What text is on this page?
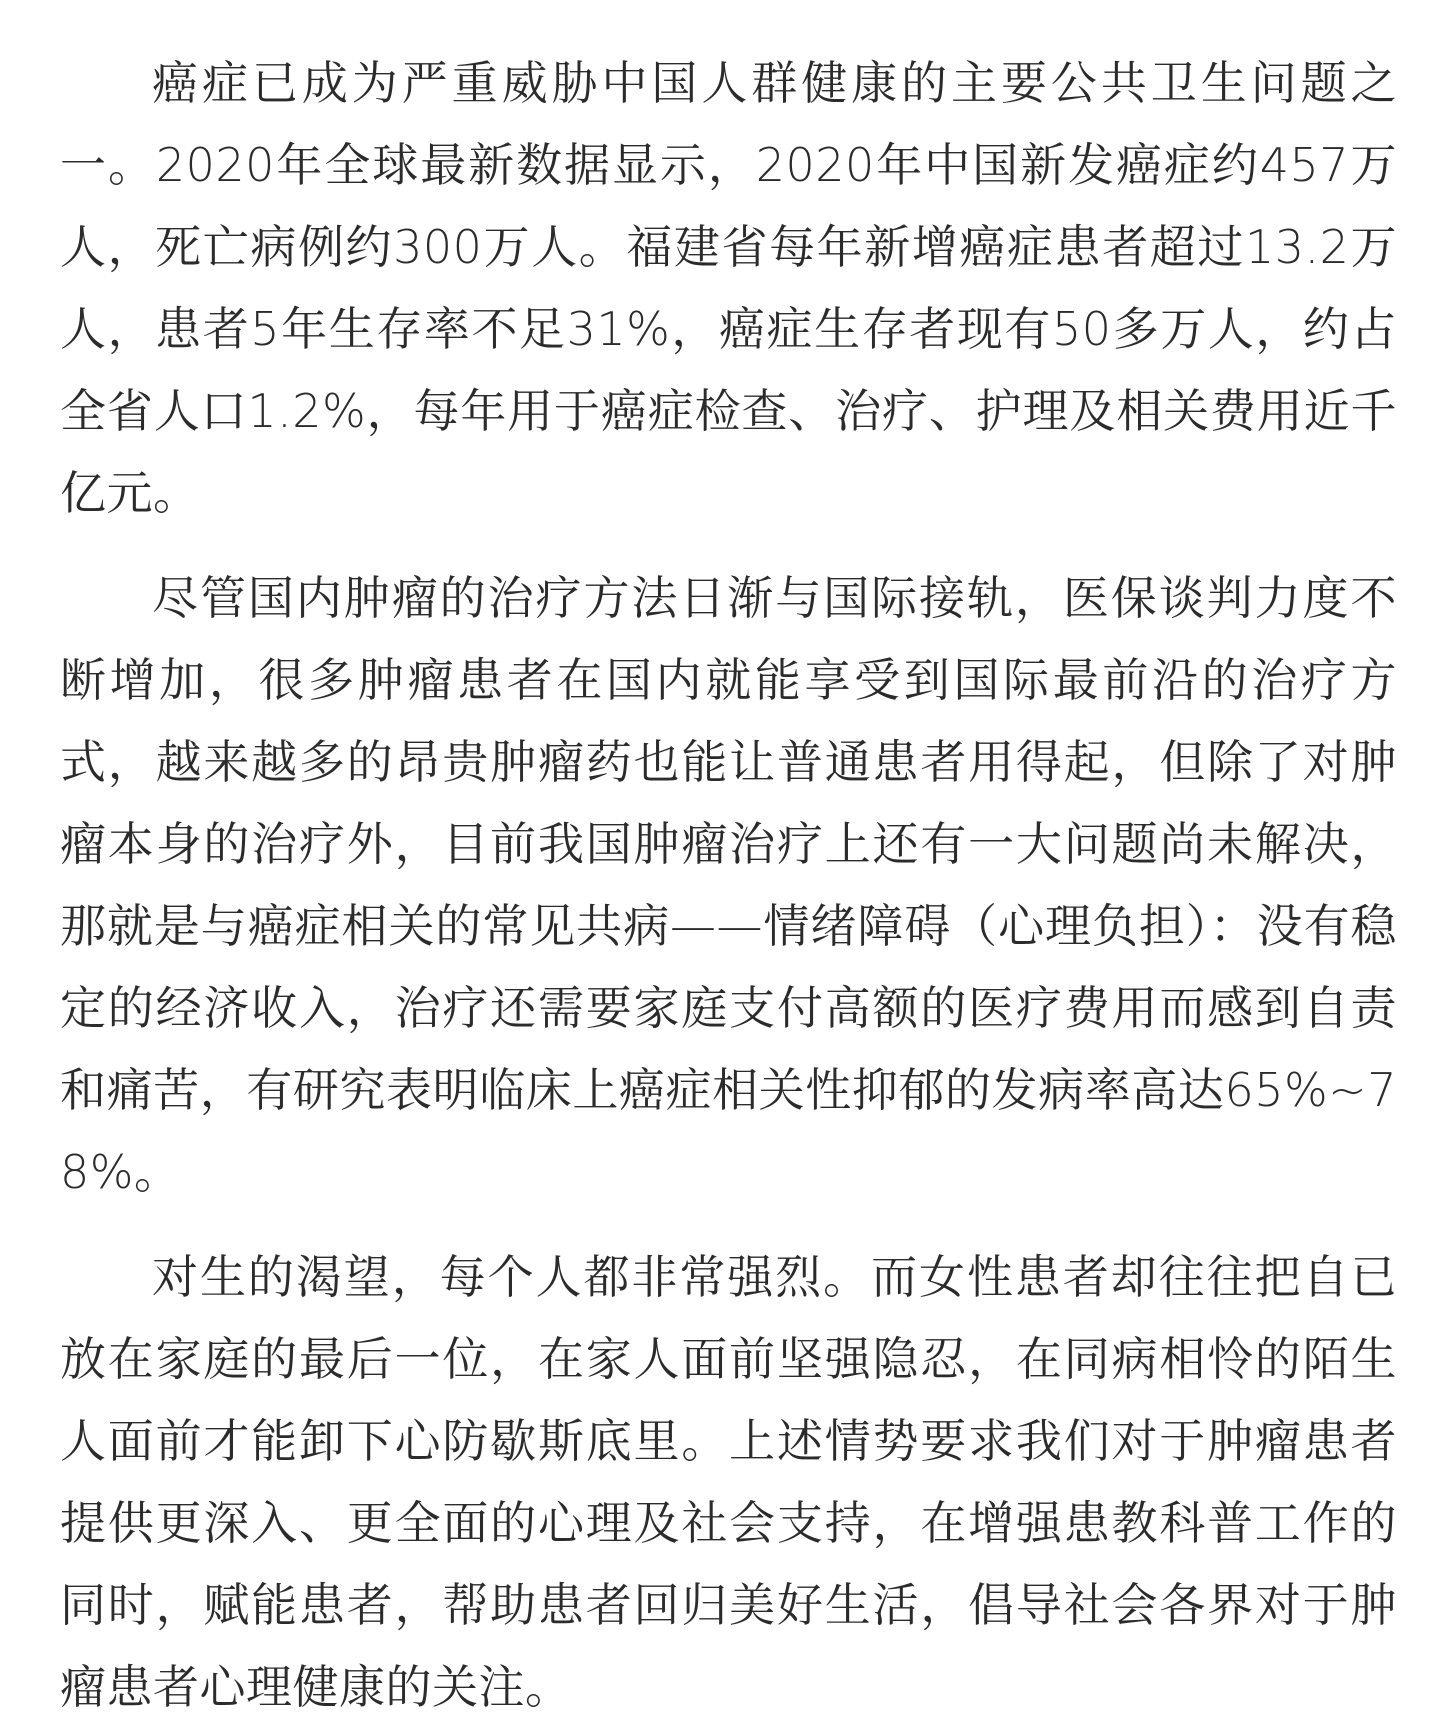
癌症已成为严重威胁中国人群健康的主要公共卫生问题之一。2020年全球最新数据显示，2020年中国新发癌症约457万人，死亡病例约300万人。福建省每年新增癌症患者超过13.2万人，患者5年生存率不足31%，癌症生存者现有50多万人，约占全省人口1.2%，每年用于癌症检查、治疗、护理及相关费用近千亿元。

尽管国内肿瘤的治疗方法日渐与国际接轨，医保谈判力度不断增加，很多肿瘤患者在国内就能享受到国际最前沿的治疗方式，越来越多的昂贵肿瘤药也能让普通患者用得起，但除了对肿瘤本身的治疗外，目前我国肿瘤治疗上还有一大问题尚未解决，那就是与癌症相关的常见共病——情绪障碍（心理负担）：没有稳定的经济收入，治疗还需要家庭支付高额的医疗费用而感到自责和痛苦，有研究表明临床上癌症相关性抑郁的发病率高达65%~78%。

对生的渴望，每个人都非常强烈。而女性患者却往往把自已放在家庭的最后一位，在家人面前坚强隐忍，在同病相怜的陌生人面前才能卸下心防歇斯底里。上述情势要求我们对于肿瘤患者提供更深入、更全面的心理及社会支持，在增强患教科普工作的同时，赋能患者，帮助患者回归美好生活，倡导社会各界对于肿瘤患者心理健康的关注。
